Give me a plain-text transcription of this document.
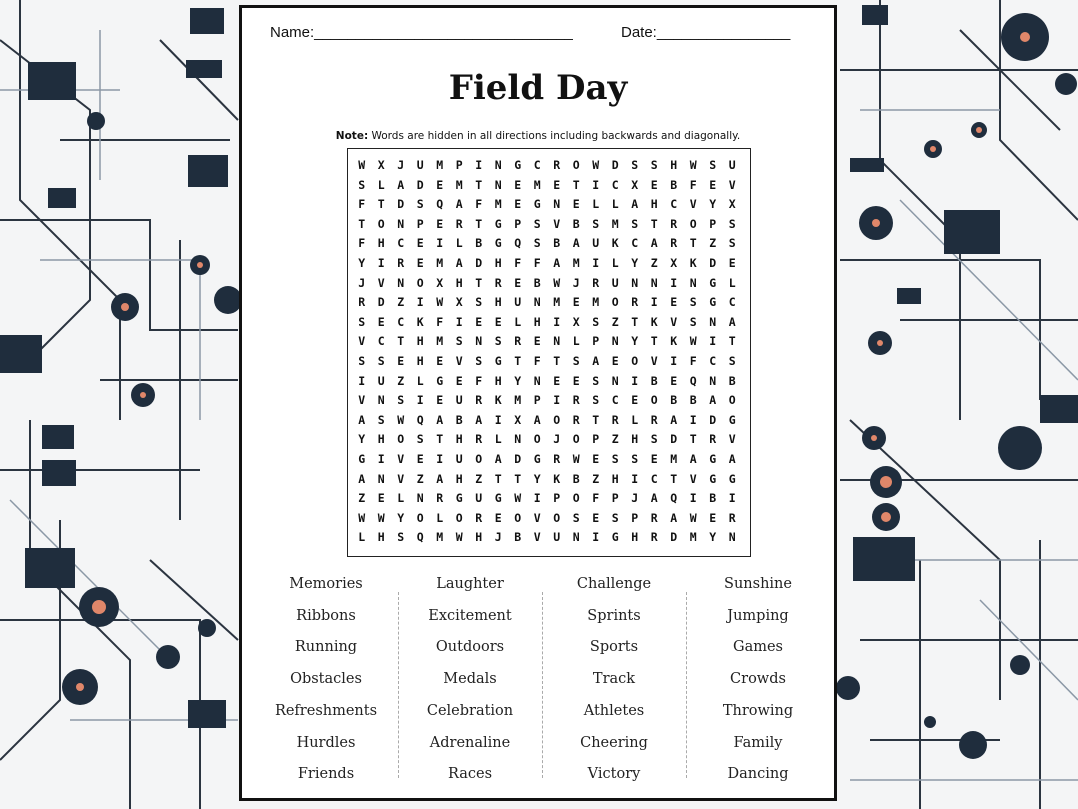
Name:_______________________________	Date:________________
Field Day
Note: Words are hidden in all directions including backwards and diagonally.
W	X	J	U	M	P	I	N	G	C	R	O	W	D	S	S	H	W	S	U
S	L	A	D	E	M	T	N	E	M	E	T	I	C	X	E	B	F	E	V
F	T	D	S	Q	A	F	M	E	G	N	E	L	L	A	H	C	V	Y	X
T	O	N	P	E	R	T	G	P	S	V	B	S	M	S	T	R	O	P	S
F	H	C	E	I	L	B	G	Q	S	B	A	U	K	C	A	R	T	Z	S
Y	I	R	E	M	A	D	H	F	F	A	M	I	L	Y	Z	X	K	D	E
J	V	N	O	X	H	T	R	E	B	W	J	R	U	N	N	I	N	G	L
R	D	Z	I	W	X	S	H	U	N	M	E	M	O	R	I	E	S	G	C
S	E	C	K	F	I	E	E	L	H	I	X	S	Z	T	K	V	S	N	A
V	C	T	H	M	S	N	S	R	E	N	L	P	N	Y	T	K	W	I	T
S	S	E	H	E	V	S	G	T	F	T	S	A	E	O	V	I	F	C	S
I	U	Z	L	G	E	F	H	Y	N	E	E	S	N	I	B	E	Q	N	B
V	N	S	I	E	U	R	K	M	P	I	R	S	C	E	O	B	B	A	O
A	S	W	Q	A	B	A	I	X	A	O	R	T	R	L	R	A	I	D	G
Y	H	O	S	T	H	R	L	N	O	J	O	P	Z	H	S	D	T	R	V
G	I	V	E	I	U	O	A	D	G	R	W	E	S	S	E	M	A	G	A
A	N	V	Z	A	H	Z	T	T	Y	K	B	Z	H	I	C	T	V	G	G
Z	E	L	N	R	G	U	G	W	I	P	O	F	P	J	A	Q	I	B	I
W	W	Y	O	L	O	R	E	O	V	O	S	E	S	P	R	A	W	E	R
L	H	S	Q	M	W	H	J	B	V	U	N	I	G	H	R	D	M	Y	N
Memories
Ribbons
Running
Obstacles
Refreshments
Hurdles
Friends
Laughter
Excitement
Outdoors
Medals
Celebration
Adrenaline
Races
Challenge
Sprints
Sports
Track
Athletes
Cheering
Victory
Sunshine
Jumping
Games
Crowds
Throwing
Family
Dancing
